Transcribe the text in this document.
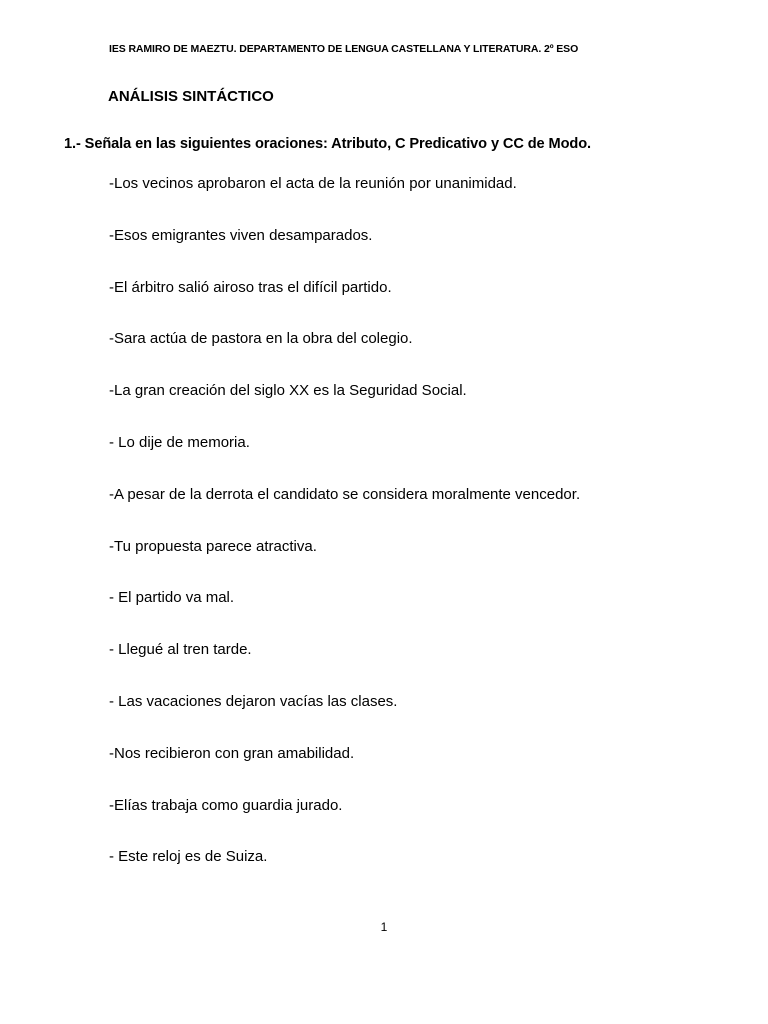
IES RAMIRO DE MAEZTU. DEPARTAMENTO DE LENGUA CASTELLANA Y LITERATURA. 2º ESO
ANÁLISIS SINTÁCTICO
1.- Señala en las siguientes oraciones: Atributo, C Predicativo y CC de Modo.
-Los vecinos aprobaron el acta de la reunión por unanimidad.
-Esos emigrantes viven desamparados.
-El árbitro salió airoso tras el difícil partido.
-Sara actúa de pastora en la obra del colegio.
-La gran creación del siglo XX es la Seguridad Social.
- Lo dije de memoria.
-A pesar de la derrota el candidato se considera moralmente vencedor.
-Tu propuesta parece atractiva.
- El partido va mal.
- Llegué al tren tarde.
- Las vacaciones dejaron vacías las clases.
-Nos recibieron con gran amabilidad.
-Elías trabaja como guardia jurado.
- Este reloj es de Suiza.
1
